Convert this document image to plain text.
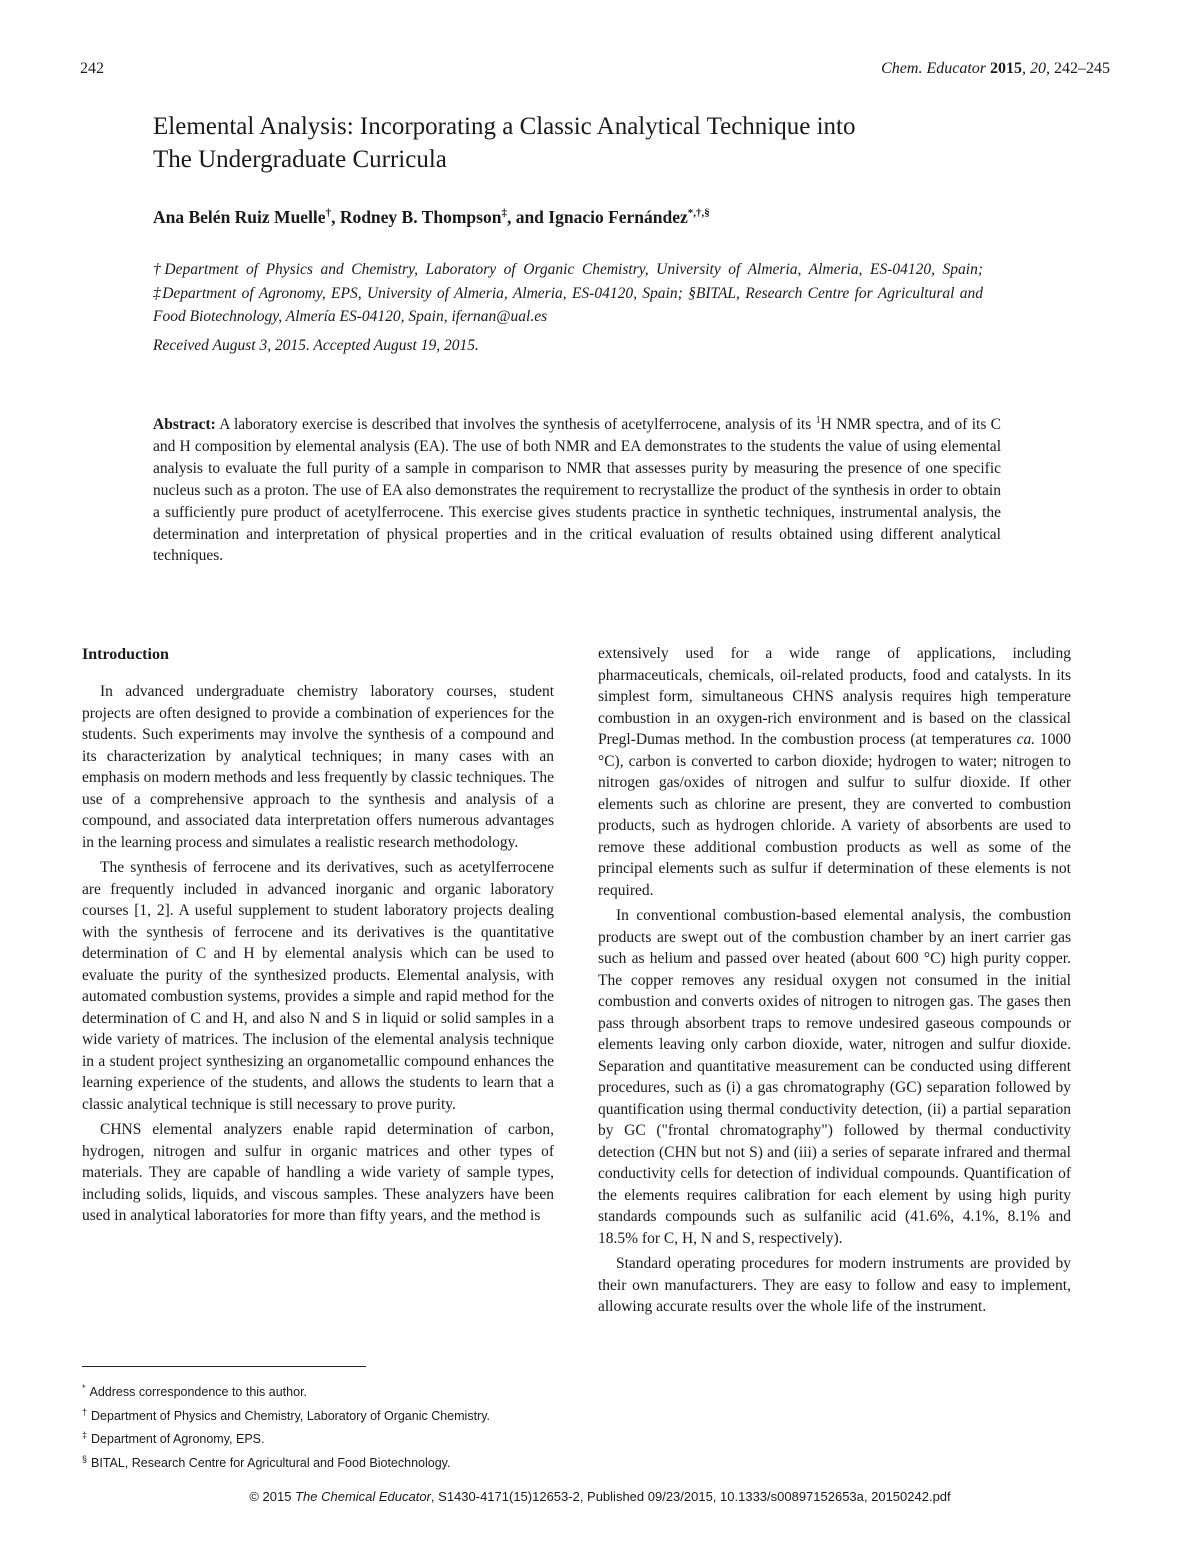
242	Chem. Educator 2015, 20, 242–245
Elemental Analysis: Incorporating a Classic Analytical Technique into
The Undergraduate Curricula
Ana Belén Ruiz Muelle†, Rodney B. Thompson‡, and Ignacio Fernández*,†,§
†Department of Physics and Chemistry, Laboratory of Organic Chemistry, University of Almeria, Almeria, ES-04120, Spain; ‡Department of Agronomy, EPS, University of Almeria, Almeria, ES-04120, Spain; §BITAL, Research Centre for Agricultural and Food Biotechnology, Almería ES-04120, Spain, ifernan@ual.es
Received August 3, 2015. Accepted August 19, 2015.
Abstract: A laboratory exercise is described that involves the synthesis of acetylferrocene, analysis of its $^1$H NMR spectra, and of its C and H composition by elemental analysis (EA). The use of both NMR and EA demonstrates to the students the value of using elemental analysis to evaluate the full purity of a sample in comparison to NMR that assesses purity by measuring the presence of one specific nucleus such as a proton. The use of EA also demonstrates the requirement to recrystallize the product of the synthesis in order to obtain a sufficiently pure product of acetylferrocene. This exercise gives students practice in synthetic techniques, instrumental analysis, the determination and interpretation of physical properties and in the critical evaluation of results obtained using different analytical techniques.
Introduction

In advanced undergraduate chemistry laboratory courses, student projects are often designed to provide a combination of experiences for the students. Such experiments may involve the synthesis of a compound and its characterization by analytical techniques; in many cases with an emphasis on modern methods and less frequently by classic techniques. The use of a comprehensive approach to the synthesis and analysis of a compound, and associated data interpretation offers numerous advantages in the learning process and simulates a realistic research methodology.

The synthesis of ferrocene and its derivatives, such as acetylferrocene are frequently included in advanced inorganic and organic laboratory courses [1, 2]. A useful supplement to student laboratory projects dealing with the synthesis of ferrocene and its derivatives is the quantitative determination of C and H by elemental analysis which can be used to evaluate the purity of the synthesized products. Elemental analysis, with automated combustion systems, provides a simple and rapid method for the determination of C and H, and also N and S in liquid or solid samples in a wide variety of matrices. The inclusion of the elemental analysis technique in a student project synthesizing an organometallic compound enhances the learning experience of the students, and allows the students to learn that a classic analytical technique is still necessary to prove purity.

CHNS elemental analyzers enable rapid determination of carbon, hydrogen, nitrogen and sulfur in organic matrices and other types of materials. They are capable of handling a wide variety of sample types, including solids, liquids, and viscous samples. These analyzers have been used in analytical laboratories for more than fifty years, and the method is

extensively used for a wide range of applications, including pharmaceuticals, chemicals, oil-related products, food and catalysts. In its simplest form, simultaneous CHNS analysis requires high temperature combustion in an oxygen-rich environment and is based on the classical Pregl-Dumas method. In the combustion process (at temperatures ca. 1000 °C), carbon is converted to carbon dioxide; hydrogen to water; nitrogen to nitrogen gas/oxides of nitrogen and sulfur to sulfur dioxide. If other elements such as chlorine are present, they are converted to combustion products, such as hydrogen chloride. A variety of absorbents are used to remove these additional combustion products as well as some of the principal elements such as sulfur if determination of these elements is not required.

In conventional combustion-based elemental analysis, the combustion products are swept out of the combustion chamber by an inert carrier gas such as helium and passed over heated (about 600 °C) high purity copper. The copper removes any residual oxygen not consumed in the initial combustion and converts oxides of nitrogen to nitrogen gas. The gases then pass through absorbent traps to remove undesired gaseous compounds or elements leaving only carbon dioxide, water, nitrogen and sulfur dioxide. Separation and quantitative measurement can be conducted using different procedures, such as (i) a gas chromatography (GC) separation followed by quantification using thermal conductivity detection, (ii) a partial separation by GC ("frontal chromatography") followed by thermal conductivity detection (CHN but not S) and (iii) a series of separate infrared and thermal conductivity cells for detection of individual compounds. Quantification of the elements requires calibration for each element by using high purity standards compounds such as sulfanilic acid (41.6%, 4.1%, 8.1% and 18.5% for C, H, N and S, respectively).

Standard operating procedures for modern instruments are provided by their own manufacturers. They are easy to follow and easy to implement, allowing accurate results over the whole life of the instrument.

* Address correspondence to this author.
† Department of Physics and Chemistry, Laboratory of Organic Chemistry.
‡ Department of Agronomy, EPS.
§ BITAL, Research Centre for Agricultural and Food Biotechnology.
© 2015 The Chemical Educator, S1430-4171(15)12653-2, Published 09/23/2015, 10.1333/s00897152653a, 20150242.pdf
